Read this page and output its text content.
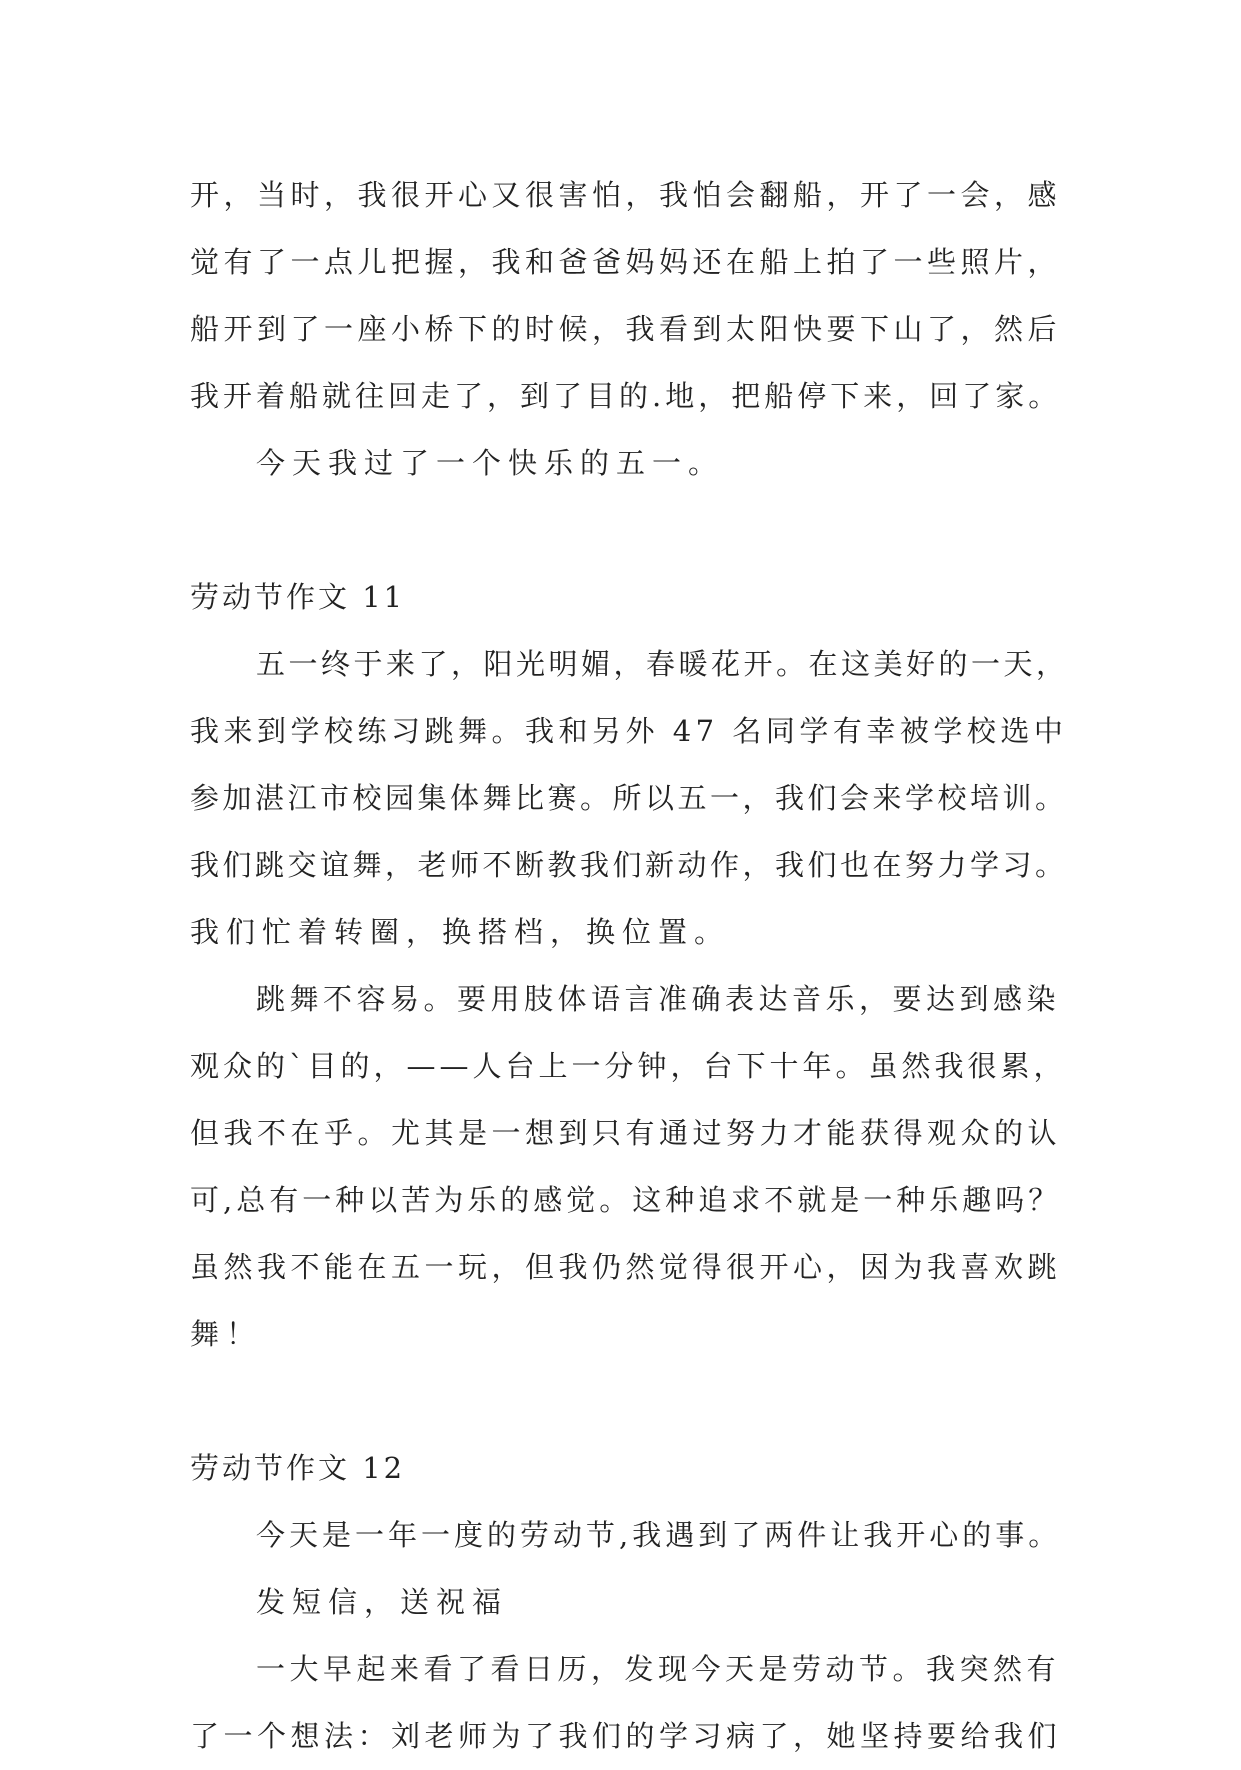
开，当时，我很开心又很害怕，我怕会翻船，开了一会，感
觉有了一点儿把握，我和爸爸妈妈还在船上拍了一些照片，
船开到了一座小桥下的时候，我看到太阳快要下山了，然后
我开着船就往回走了，到了目的.地，把船停下来，回了家。
今天我过了一个快乐的五一。
劳动节作文 11
五一终于来了，阳光明媚，春暖花开。在这美好的一天，
我来到学校练习跳舞。我和另外 47 名同学有幸被学校选中
参加湛江市校园集体舞比赛。所以五一，我们会来学校培训。
我们跳交谊舞，老师不断教我们新动作，我们也在努力学习。
我们忙着转圈，换搭档，换位置。
跳舞不容易。要用肢体语言准确表达音乐，要达到感染
观众的`目的，——人台上一分钟，台下十年。虽然我很累，
但我不在乎。尤其是一想到只有通过努力才能获得观众的认
可,总有一种以苦为乐的感觉。这种追求不就是一种乐趣吗？
虽然我不能在五一玩，但我仍然觉得很开心，因为我喜欢跳
舞！
劳动节作文 12
今天是一年一度的劳动节,我遇到了两件让我开心的事。
发短信，送祝福
一大早起来看了看日历，发现今天是劳动节。我突然有
了一个想法：刘老师为了我们的学习病了，她坚持要给我们
